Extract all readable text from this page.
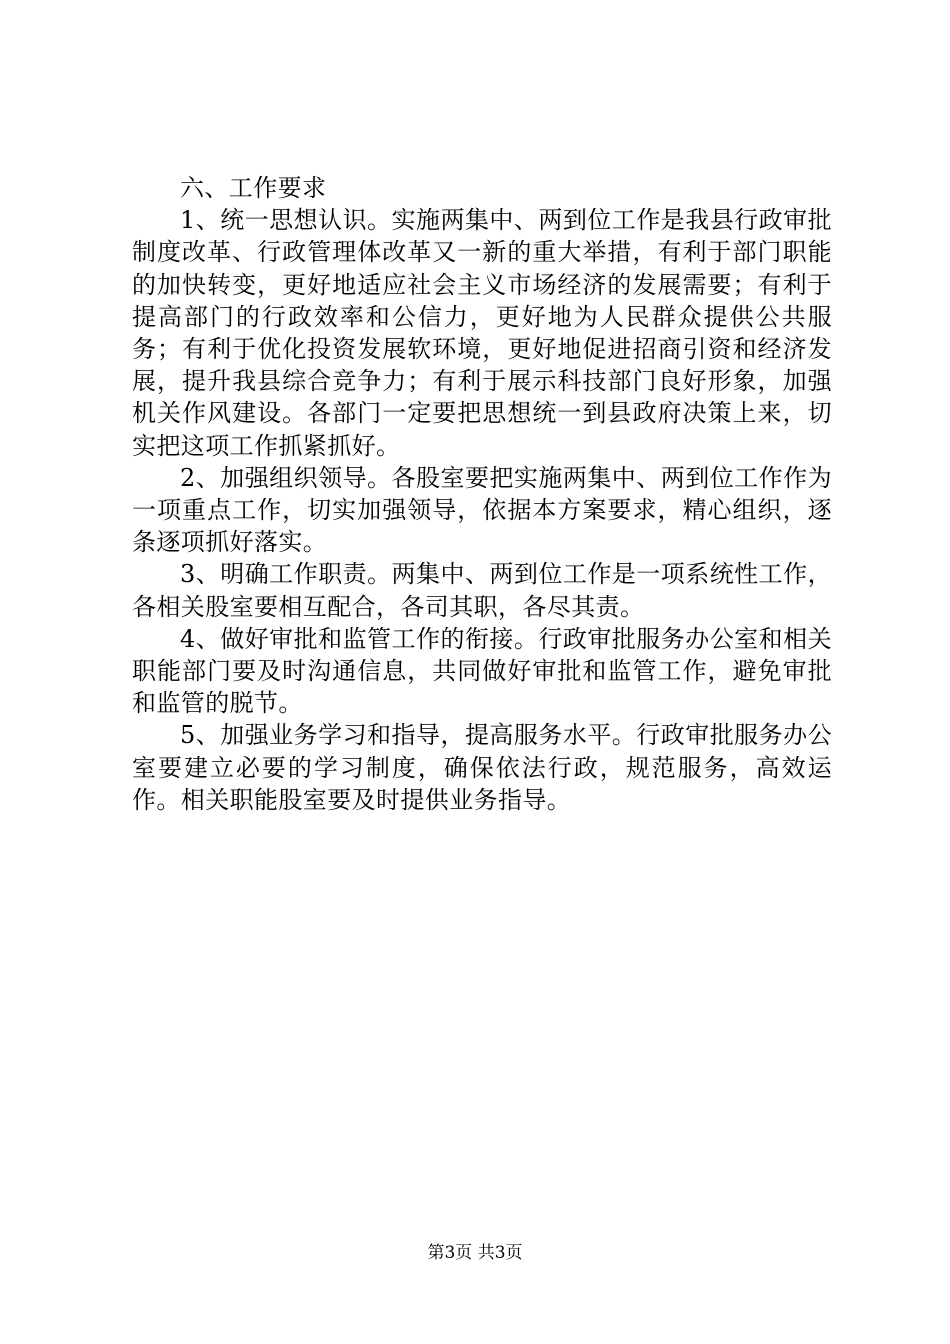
六、工作要求

1、统一思想认识。实施两集中、两到位工作是我县行政审批制度改革、行政管理体改革又一新的重大举措，有利于部门职能的加快转变，更好地适应社会主义市场经济的发展需要；有利于提高部门的行政效率和公信力，更好地为人民群众提供公共服务；有利于优化投资发展软环境，更好地促进招商引资和经济发展，提升我县综合竞争力；有利于展示科技部门良好形象，加强机关作风建设。各部门一定要把思想统一到县政府决策上来，切实把这项工作抓紧抓好。

2、加强组织领导。各股室要把实施两集中、两到位工作作为一项重点工作，切实加强领导，依据本方案要求，精心组织，逐条逐项抓好落实。

3、明确工作职责。两集中、两到位工作是一项系统性工作，各相关股室要相互配合，各司其职，各尽其责。

4、做好审批和监管工作的衔接。行政审批服务办公室和相关职能部门要及时沟通信息，共同做好审批和监管工作，避免审批和监管的脱节。

5、加强业务学习和指导，提高服务水平。行政审批服务办公室要建立必要的学习制度，确保依法行政，规范服务，高效运作。相关职能股室要及时提供业务指导。

第3页 共3页
